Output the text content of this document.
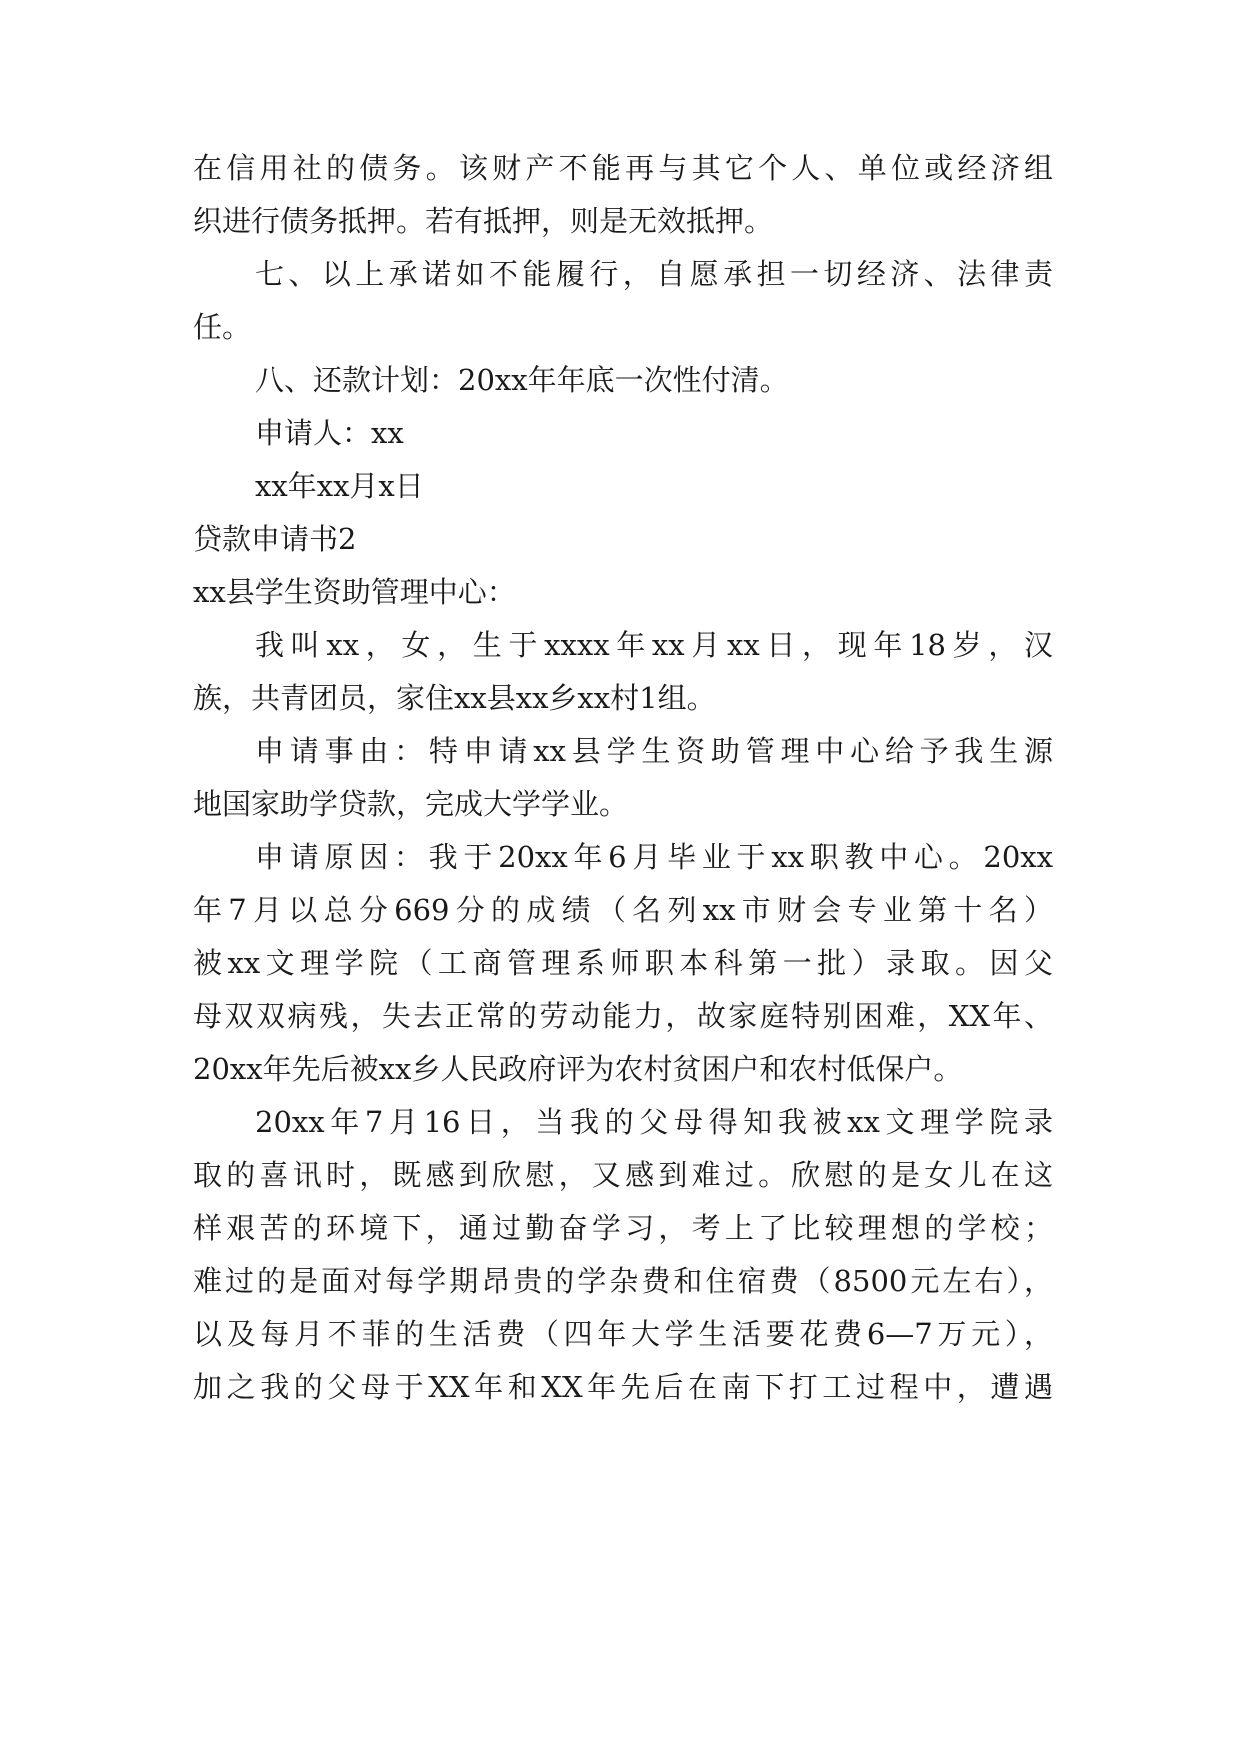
在信用社的债务。该财产不能再与其它个人、单位或经济组
织进行债务抵押。若有抵押，则是无效抵押。
七、以上承诺如不能履行，自愿承担一切经济、法律责
任。
八、还款计划：20xx年年底一次性付清。
申请人：xx
xx年xx月x日
贷款申请书2
xx县学生资助管理中心：
我叫xx，女，生于xxxx年xx月xx日，现年18岁，汉
族，共青团员，家住xx县xx乡xx村1组。
申请事由：特申请xx县学生资助管理中心给予我生源
地国家助学贷款，完成大学学业。
申请原因：我于20xx年6月毕业于xx职教中心。20xx
年7月以总分669分的成绩（名列xx市财会专业第十名）
被xx文理学院（工商管理系师职本科第一批）录取。因父
母双双病残，失去正常的劳动能力，故家庭特别困难，XX年、
20xx年先后被xx乡人民政府评为农村贫困户和农村低保户。
20xx年7月16日，当我的父母得知我被xx文理学院录
取的喜讯时，既感到欣慰，又感到难过。欣慰的是女儿在这
样艰苦的环境下，通过勤奋学习，考上了比较理想的学校；
难过的是面对每学期昂贵的学杂费和住宿费（8500元左右），
以及每月不菲的生活费（四年大学生活要花费6—7万元），
加之我的父母于XX年和XX年先后在南下打工过程中，遭遇
